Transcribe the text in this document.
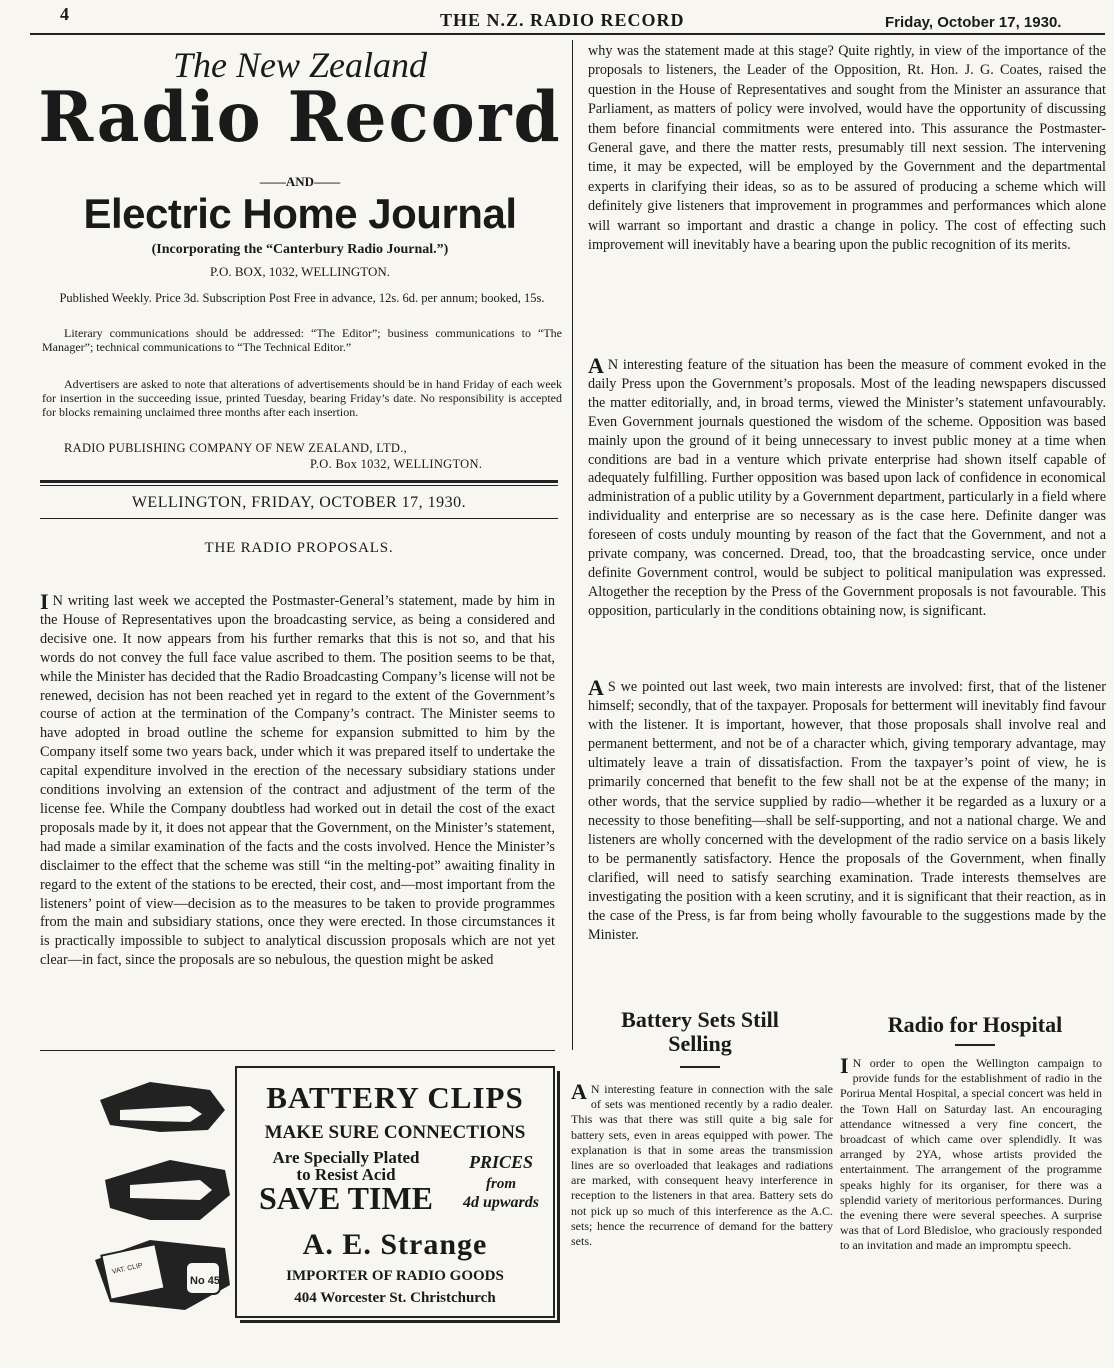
4	THE N.Z. RADIO RECORD	Friday, October 17, 1930.
The New Zealand
Radio Record
——AND——
Electric Home Journal
(Incorporating the “Canterbury Radio Journal.”)
P.O. BOX, 1032, WELLINGTON.
Published Weekly. Price 3d. Subscription Post Free in advance, 12s. 6d. per annum; booked, 15s.
Literary communications should be addressed: “The Editor”; business communications to “The Manager”; technical communications to “The Technical Editor.”
Advertisers are asked to note that alterations of advertisements should be in hand Friday of each week for insertion in the succeeding issue, printed Tuesday, bearing Friday’s date. No responsibility is accepted for blocks remaining unclaimed three months after each insertion.
RADIO PUBLISHING COMPANY OF NEW ZEALAND, LTD.,
P.O. Box 1032, WELLINGTON.
WELLINGTON, FRIDAY, OCTOBER 17, 1930.
THE RADIO PROPOSALS.
I N writing last week we accepted the Postmaster-General’s statement, made by him in the House of Representatives upon the broadcasting service, as being a considered and decisive one. It now appears from his further remarks that this is not so, and that his words do not convey the full face value ascribed to them. The position seems to be that, while the Minister has decided that the Radio Broadcasting Company’s license will not be renewed, decision has not been reached yet in regard to the extent of the Government’s course of action at the termination of the Company’s contract. The Minister seems to have adopted in broad outline the scheme for expansion submitted to him by the Company itself some two years back, under which it was prepared itself to undertake the capital expenditure involved in the erection of the necessary subsidiary stations under conditions involving an extension of the contract and adjustment of the term of the license fee. While the Company doubtless had worked out in detail the cost of the exact proposals made by it, it does not appear that the Government, on the Minister’s statement, had made a similar examination of the facts and the costs involved. Hence the Minister’s disclaimer to the effect that the scheme was still “in the melting-pot” awaiting finality in regard to the extent of the stations to be erected, their cost, and—most important from the listeners’ point of view—decision as to the measures to be taken to provide programmes from the main and subsidiary stations, once they were erected. In those circumstances it is practically impossible to subject to analytical discussion proposals which are not yet clear—in fact, since the proposals are so nebulous, the question might be asked
why was the statement made at this stage? Quite rightly, in view of the importance of the proposals to listeners, the Leader of the Opposition, Rt. Hon. J. G. Coates, raised the question in the House of Representatives and sought from the Minister an assurance that Parliament, as matters of policy were involved, would have the opportunity of discussing them before financial commitments were entered into. This assurance the Postmaster-General gave, and there the matter rests, presumably till next session. The intervening time, it may be expected, will be employed by the Government and the departmental experts in clarifying their ideas, so as to be assured of producing a scheme which will definitely give listeners that improvement in programmes and performances which alone will warrant so important and drastic a change in policy. The cost of effecting such improvement will inevitably have a bearing upon the public recognition of its merits.
A N interesting feature of the situation has been the measure of comment evoked in the daily Press upon the Government’s proposals. Most of the leading newspapers discussed the matter editorially, and, in broad terms, viewed the Minister’s statement unfavourably. Even Government journals questioned the wisdom of the scheme. Opposition was based mainly upon the ground of it being unnecessary to invest public money at a time when conditions are bad in a venture which private enterprise had shown itself capable of adequately fulfilling. Further opposition was based upon lack of confidence in economical administration of a public utility by a Government department, particularly in a field where individuality and enterprise are so necessary as is the case here. Definite danger was foreseen of costs unduly mounting by reason of the fact that the Government, and not a private company, was concerned. Dread, too, that the broadcasting service, once under definite Government control, would be subject to political manipulation was expressed. Altogether the reception by the Press of the Government proposals is not favourable. This opposition, particularly in the conditions obtaining now, is significant.
A S we pointed out last week, two main interests are involved: first, that of the listener himself; secondly, that of the taxpayer. Proposals for betterment will inevitably find favour with the listener. It is important, however, that those proposals shall involve real and permanent betterment, and not be of a character which, giving temporary advantage, may ultimately leave a train of dissatisfaction. From the taxpayer’s point of view, he is primarily concerned that benefit to the few shall not be at the expense of the many; in other words, that the service supplied by radio—whether it be regarded as a luxury or a necessity to those benefiting—shall be self-supporting, and not a national charge. We and listeners are wholly concerned with the development of the radio service on a basis likely to be permanently satisfactory. Hence the proposals of the Government, when finally clarified, will need to satisfy searching examination. Trade interests themselves are investigating the position with a keen scrutiny, and it is significant that their reaction, as in the case of the Press, is far from being wholly favourable to the suggestions made by the Minister.
VAT. CLIP
No 45
BATTERY CLIPS
MAKE SURE CONNECTIONS
Are Specially Plated
to Resist Acid
SAVE TIME
PRICES
from
4d upwards
A. E. Strange
IMPORTER OF RADIO GOODS
404 Worcester St. Christchurch
Battery Sets Still Selling
A N interesting feature in connection with the sale of sets was mentioned recently by a radio dealer. This was that there was still quite a big sale for battery sets, even in areas equipped with power. The explanation is that in some areas the transmission lines are so overloaded that leakages and radiations are marked, with consequent heavy interference in reception to the listeners in that area. Battery sets do not pick up so much of this interference as the A.C. sets; hence the recurrence of demand for the battery sets.
Radio for Hospital
I N order to open the Wellington campaign to provide funds for the establishment of radio in the Porirua Mental Hospital, a special concert was held in the Town Hall on Saturday last. An encouraging attendance witnessed a very fine concert, the broadcast of which came over splendidly. It was arranged by 2YA, whose artists provided the entertainment. The arrangement of the programme speaks highly for its organiser, for there was a splendid variety of meritorious performances. During the evening there were several speeches. A surprise was that of Lord Bledisloe, who graciously responded to an invitation and made an impromptu speech.
